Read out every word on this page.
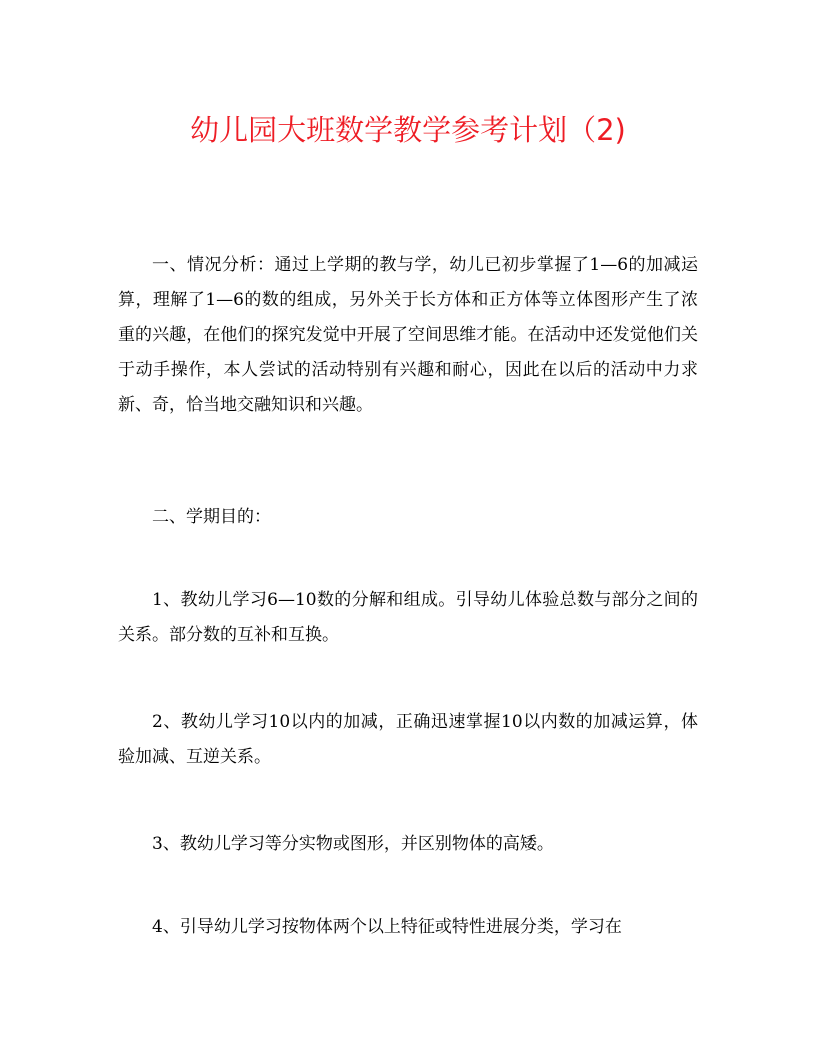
幼儿园大班数学教学参考计划（2)

一、情况分析：通过上学期的教与学，幼儿已初步掌握了1—6的加减运算，理解了1—6的数的组成，另外关于长方体和正方体等立体图形产生了浓重的兴趣，在他们的探究发觉中开展了空间思维才能。在活动中还发觉他们关于动手操作，本人尝试的活动特别有兴趣和耐心，因此在以后的活动中力求新、奇，恰当地交融知识和兴趣。

二、学期目的：

1、教幼儿学习6—10数的分解和组成。引导幼儿体验总数与部分之间的关系。部分数的互补和互换。

2、教幼儿学习10以内的加减，正确迅速掌握10以内数的加减运算，体验加减、互逆关系。

3、教幼儿学习等分实物或图形，并区别物体的高矮。

4、引导幼儿学习按物体两个以上特征或特性进展分类，学习在
